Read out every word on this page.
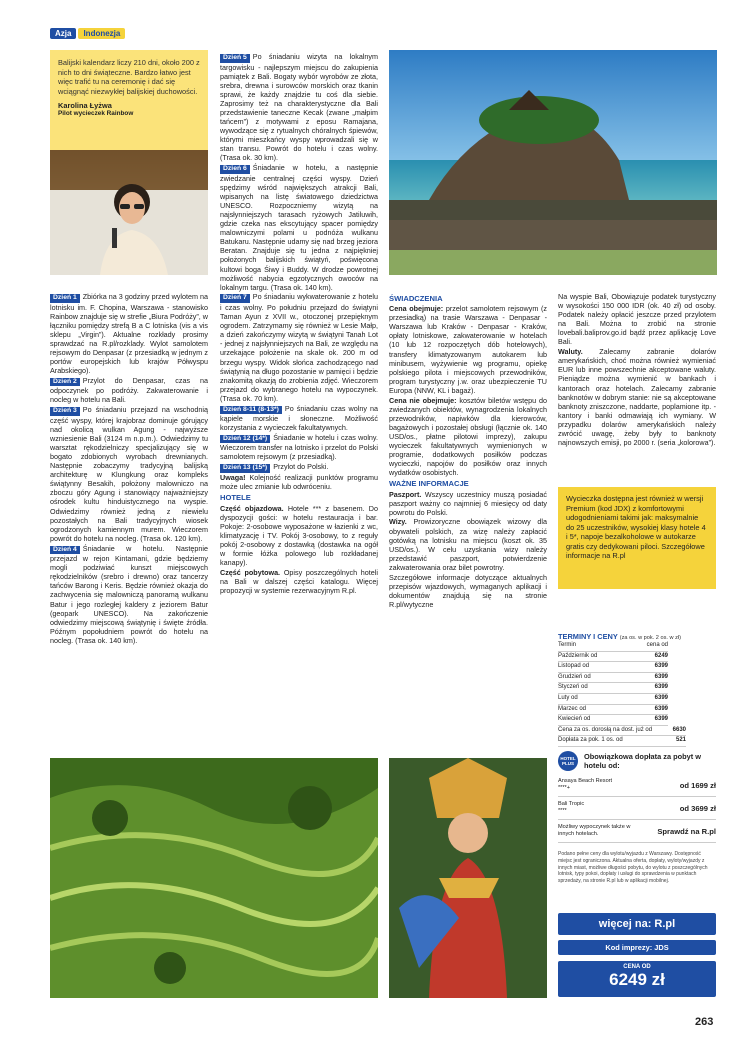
Azja Indonezja
Balijski kalendarz liczy 210 dni, około 200 z nich to dni świąteczne. Bardzo łatwo jest więc trafić tu na ceremonię i dać się wciągnąć niezwykłej balijskiej duchowości.
Karolina Łyżwa
Pilot wycieczek Rainbow

Dzień 1 Zbiórka na 3 godziny przed wylotem na lotnisku im. F. Chopina, Warszawa - stanowisko Rainbow znajduje się w strefie „Biura Podróży”, w łączniku pomiędzy strefą B a C lotniska (vis a vis sklepu „Virgin”). Aktualne rozkłady prosimy sprawdzać na R.pl/rozklady. Wylot samolotem rejsowym do Denpasar (z przesiadką w jednym z portów europejskich lub krajów Półwyspu Arabskiego).

Dzień 2 Przylot do Denpasar, czas na odpoczynek po podróży. Zakwaterowanie i nocleg w hotelu na Bali.

Dzień 3 Po śniadaniu przejazd na wschodnią część wyspy, której krajobraz dominuje górujący nad okolicą wulkan Agung - najwyższe wzniesienie Bali (3124 m n.p.m.). Odwiedzimy tu warsztat rękodzielniczy specjalizujący się w bogato zdobionych wyrobach drewnianych. Następnie zobaczymy tradycyjną balijską architekturę w Klungkung oraz kompleks świątynny Besakih, położony malowniczo na zboczu góry Agung i stanowiący najważniejszy ośrodek kultu hinduistycznego na wyspie. Odwiedzimy również jedną z niewielu pozostałych na Bali tradycyjnych wiosek ogrodzonych kamiennym murem. Wieczorem powrót do hotelu na nocleg. (Trasa ok. 120 km).

Dzień 4 Śniadanie w hotelu. Następnie przejazd w rejon Kintamani, gdzie będziemy mogli podziwiać kunszt miejscowych rękodzielników (srebro i drewno) oraz tancerzy tańców Barong i Keris. Będzie również okazja do zachwycenia się malowniczą panoramą wulkanu Batur i jego rozległej kaldery z jeziorem Batur (geopark UNESCO). Na zakończenie odwiedzimy miejscową świątynię i święte źródła. Późnym popołudniem powrót do hotelu na nocleg. (Trasa ok. 140 km).

Dzień 5 Po śniadaniu wizyta na lokalnym targowisku - najlepszym miejscu do zakupienia pamiątek z Bali. Bogaty wybór wyrobów ze złota, srebra, drewna i surowców morskich oraz tkanin sprawi, że każdy znajdzie tu coś dla siebie. Zaprosimy też na charakterystyczne dla Bali przedstawienie taneczne Kecak (zwane „małpim tańcem”) z motywami z eposu Ramajana, wywodzące się z rytualnych chóralnych śpiewów, którymi mieszkańcy wyspy wprowadzali się w stan transu. Powrót do hotelu i czas wolny. (Trasa ok. 30 km).

Dzień 6 Śniadanie w hotelu, a następnie zwiedzanie centralnej części wyspy. Dzień spędzimy wśród największych atrakcji Bali, wpisanych na listę światowego dziedzictwa UNESCO. Rozpoczniemy wizytą na najsłynniejszych tarasach ryżowych Jatiluwih, gdzie czeka nas ekscytujący spacer pomiędzy malowniczymi polami u podnóża wulkanu Batukaru. Następnie udamy się nad brzeg jeziora Beratan. Znajduje się tu jedna z najpiękniej położonych balijskich świątyń, poświęcona kultowi boga Śiwy i Buddy. W drodze powrotnej możliwość nabycia egzotycznych owoców na lokalnym targu. (Trasa ok. 140 km).

Dzień 7 Po śniadaniu wykwaterowanie z hotelu i czas wolny. Po południu przejazd do świątyni Taman Ayun z XVII w., otoczonej przepięknym ogrodem. Zatrzymamy się również w Lesie Małp, a dzień zakończymy wizytą w świątyni Tanah Lot - jednej z najsłynniejszych na Bali, ze względu na urzekające położenie na skale ok. 200 m od brzegu wyspy. Widok słońca zachodzącego nad świątynią na długo pozostanie w pamięci i będzie znakomitą okazją do zrobienia zdjęć. Wieczorem przejazd do wybranego hotelu na wypoczynek. (Trasa ok. 70 km).

Dzień 8-11 (8-13*) Po śniadaniu czas wolny na kąpiele morskie i słoneczne. Możliwość korzystania z wycieczek fakultatywnych.

Dzień 12 (14*) Śniadanie w hotelu i czas wolny. Wieczorem transfer na lotnisko i przelot do Polski samolotem rejsowym (z przesiadką).

Dzień 13 (15*) Przylot do Polski.

Uwaga! Kolejność realizacji punktów programu może ulec zmianie lub odwróceniu.

HOTELE

Część objazdowa. Hotele *** z basenem. Do dyspozycji gości: w hotelu restauracja i bar. Pokoje: 2-osobowe wyposażone w łazienki z wc, klimatyzację i TV. Pokój 3-osobowy, to z reguły pokój 2-osobowy z dostawką (dostawka na ogół w formie łóżka polowego lub rozkładanej kanapy).

Część pobytowa. Opisy poszczególnych hoteli na Bali w dalszej części katalogu. Więcej propozycji w systemie rezerwacyjnym R.pl.

ŚWIADCZENIA

Cena obejmuje: przelot samolotem rejsowym (z przesiadką) na trasie Warszawa - Denpasar - Warszawa lub Kraków - Denpasar - Kraków, opłaty lotniskowe, zakwaterowanie w hotelach (10 lub 12 rozpoczętych dób hotelowych), transfery klimatyzowanym autokarem lub minibusem, wyżywienie wg programu, opiekę polskiego pilota i miejscowych przewodników, program turystyczny j.w. oraz ubezpieczenie TU Europa (NNW, KL i bagaż).

Cena nie obejmuje: kosztów biletów wstępu do zwiedzanych obiektów, wynagrodzenia lokalnych przewodników, napiwków dla kierowców, bagażowych i pozostałej obsługi (łącznie ok. 140 USD/os., płatne pilotowi imprezy), zakupu wycieczek fakultatywnych wymienionych w programie, dodatkowych posiłków podczas wycieczki, napojów do posiłków oraz innych wydatków osobistych.

WAŻNE INFORMACJE

Paszport. Wszyscy uczestnicy muszą posiadać paszport ważny co najmniej 6 miesięcy od daty powrotu do Polski.

Wizy. Prowizoryczne obowiązek wizowy dla obywateli polskich, za wizę należy zapłacić gotówką na lotnisku na miejscu (koszt ok. 35 USD/os.). W celu uzyskania wizy należy przedstawić paszport, potwierdzenie zakwaterowania oraz bilet powrotny.

Szczegółowe informacje dotyczące aktualnych przepisów wjazdowych, wymaganych aplikacji i dokumentów znajdują się na stronie R.pl/wytyczne

Na wyspie Bali, Obowiązuje podatek turystyczny w wysokości 150 000 IDR (ok. 40 zł) od osoby. Podatek należy opłacić jeszcze przed przylotem na Bali. Można to zrobić na stronie lovebali.baliprov.go.id bądź przez aplikację Love Bali.

Waluty. Zalecamy zabranie dolarów amerykańskich, choć można również wymieniać EUR lub inne powszechnie akceptowane waluty. Pieniądze można wymienić w bankach i kantorach oraz hotelach. Zalecamy zabranie banknotów w dobrym stanie: nie są akceptowane banknoty zniszczone, naddarte, poplamione itp. - kantory i banki odmawiają ich wymiany. W przypadku dolarów amerykańskich należy zwrócić uwagę, żeby były to banknoty najnowszych emisji, po 2000 r. (seria „kolorowa”).

Wycieczka dostępna jest również w wersji Premium (kod JDX) z komfortowymi udogodnieniami takimi jak: maksymalnie do 25 uczestników, wysokiej klasy hotele 4 i 5*, napoje bezalkoholowe w autokarze gratis czy dedykowani piloci. Szczegółowe informacje na R.pl
TERMINY I CENY (za os. w pok. 2 os. w zł)
Termin	cena od
Październik od	6249
Listopad od	6399
Grudzień od	6399
Styczeń od	6399
Luty od	6399
Marzec od	6399
Kwiecień od	6399
Cena za os. dorosłą na dost. już od	6630
Dopłata za pok. 1 os. od	521
HOTEL PLUS
Obowiązkowa dopłata za pobyt w hotelu od:
Ansaya Beach Resort
****+	od 1699 zł
Bali Tropic
****	od 3699 zł
Możliwy wypoczynek także w innych hotelach.	Sprawdź na R.pl
Podano pełne ceny dla wylotu/wyjazdu z Warszawy. Dostępność miejsc jest ograniczona. Aktualna oferta, dopłaty, wyloty/wyjazdy z innych miast, możliwe długości pobytu, do wylotu z poszczególnych lotnisk, typy pokoi, dopłaty i usługi do sprawdzenia w punktach sprzedaży, na stronie R.pl lub w aplikacji mobilnej.
więcej na: R.pl
Kod imprezy: JDS
CENA OD
6249 zł
263
